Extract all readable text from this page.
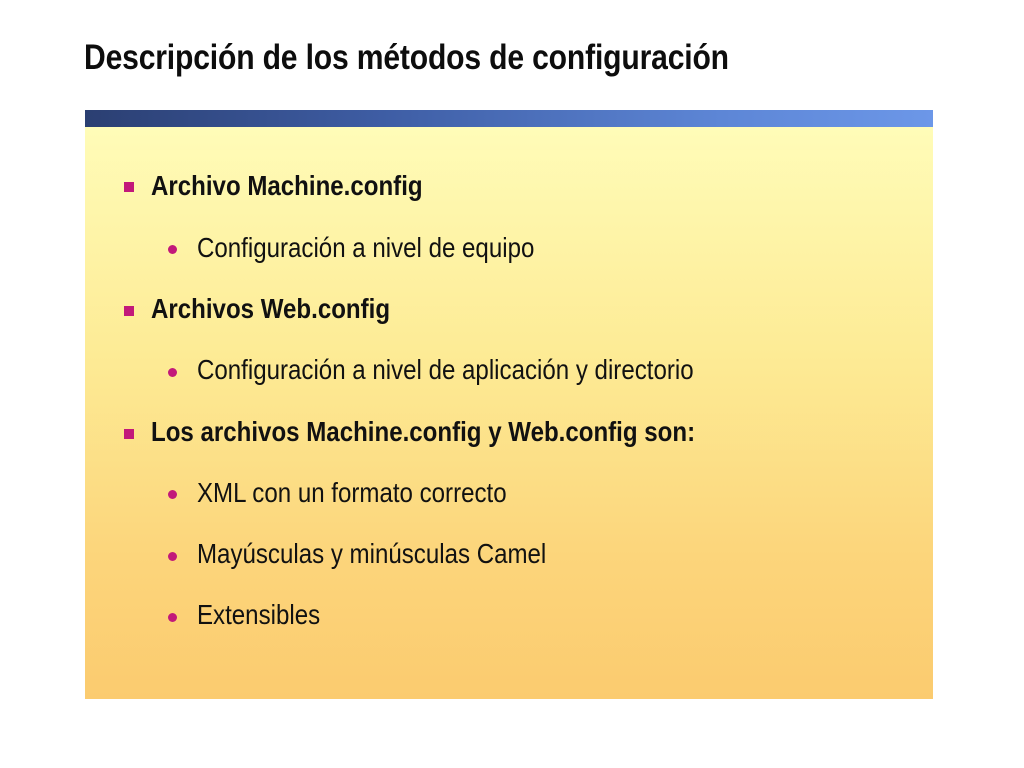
Descripción de los métodos de configuración
Archivo Machine.config
Configuración a nivel de equipo
Archivos Web.config
Configuración a nivel de aplicación y directorio
Los archivos Machine.config y Web.config son:
XML con un formato correcto
Mayúsculas y minúsculas Camel
Extensibles
